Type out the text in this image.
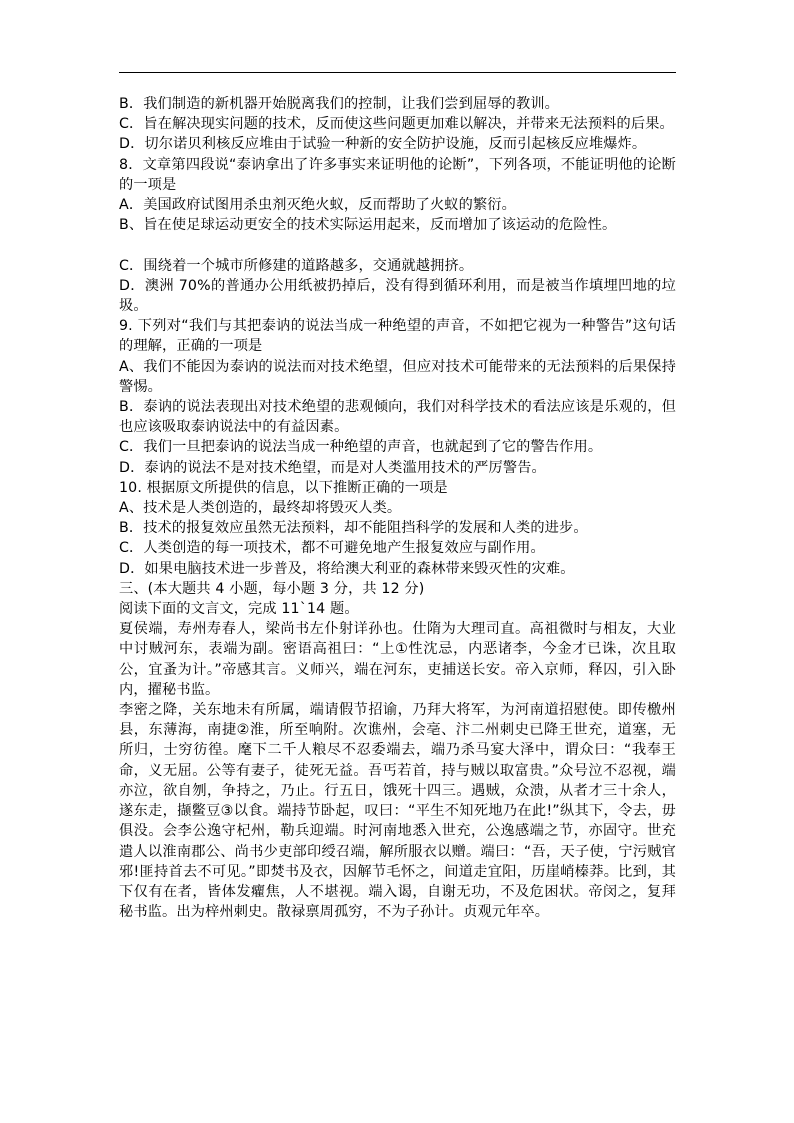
B．我们制造的新机器开始脱离我们的控制，让我们尝到屈辱的教训。

C．旨在解决现实问题的技术，反而使这些问题更加难以解决，并带来无法预料的后果。

D．切尔诺贝利核反应堆由于试验一种新的安全防护设施，反而引起核反应堆爆炸。

8．文章第四段说“泰讷拿出了许多事实来证明他的论断”，下列各项，不能证明他的论断的一项是

A．美国政府试图用杀虫剂灭绝火蚁，反而帮助了火蚁的繁衍。

B、旨在使足球运动更安全的技术实际运用起来，反而增加了该运动的危险性。

C．围绕着一个城市所修建的道路越多，交通就越拥挤。

D．澳洲 70%的普通办公用纸被扔掉后，没有得到循环利用，而是被当作填埋凹地的垃圾。

9. 下列对“我们与其把泰讷的说法当成一种绝望的声音，不如把它视为一种警告”这句话的理解，正确的一项是

A、我们不能因为泰讷的说法而对技术绝望，但应对技术可能带来的无法预料的后果保持警惕。

B．泰讷的说法表现出对技术绝望的悲观倾向，我们对科学技术的看法应该是乐观的，但也应该吸取泰讷说法中的有益因素。

C．我们一旦把泰讷的说法当成一种绝望的声音，也就起到了它的警告作用。

D．泰讷的说法不是对技术绝望，而是对人类滥用技术的严厉警告。

10. 根据原文所提供的信息，以下推断正确的一项是

A、技术是人类创造的，最终却将毁灭人类。

B．技术的报复效应虽然无法预料，却不能阻挡科学的发展和人类的进步。

C．人类创造的每一项技术，都不可避免地产生报复效应与副作用。

D．如果电脑技术进一步普及，将给澳大利亚的森林带来毁灭性的灾难。

三、(本大题共 4 小题，每小题 3 分，共 12 分)

阅读下面的文言文，完成 11`14 题。

夏侯端，寿州寿春人，梁尚书左仆射详孙也。仕隋为大理司直。高祖微时与相友，大业中讨贼河东，表端为副。密语高祖曰：“上①性沈忌，内恶诸李，今金才已诛，次且取公，宜蚤为计。”帝感其言。义师兴，端在河东，吏捕送长安。帝入京师，释囚，引入卧内，擢秘书监。

李密之降，关东地未有所属，端请假节招谕，乃拜大将军，为河南道招慰使。即传檄州县，东薄海，南捷②淮，所至响附。次谯州，会亳、汴二州刺史已降王世充，道塞，无所归，士穷彷徨。麾下二千人粮尽不忍委端去，端乃杀马宴大泽中，谓众曰：“我奉王命，义无屈。公等有妻子，徒死无益。吾丐若首，持与贼以取富贵。”众号泣不忍视，端亦泣，欲自刎，争持之，乃止。行五日，饿死十四三。遇贼，众溃，从者才三十余人，遂东走，撷鳖豆③以食。端持节卧起，叹曰：“平生不知死地乃在此!”纵其下，令去，毋俱没。会李公逸守杞州，勒兵迎端。时河南地悉入世充，公逸感端之节，亦固守。世充遣人以淮南郡公、尚书少吏部印绶召端，解所服衣以赠。端曰：“吾，天子使，宁污贼官邪!匪持首去不可见。”即焚书及衣，因解节毛怀之，间道走宜阳，历崖峭榛莽。比到，其下仅有在者，皆体发癯焦，人不堪视。端入谒，自谢无功，不及危困状。帝闵之，复拜秘书监。出为梓州刺史。散禄禀周孤穷，不为子孙计。贞观元年卒。
